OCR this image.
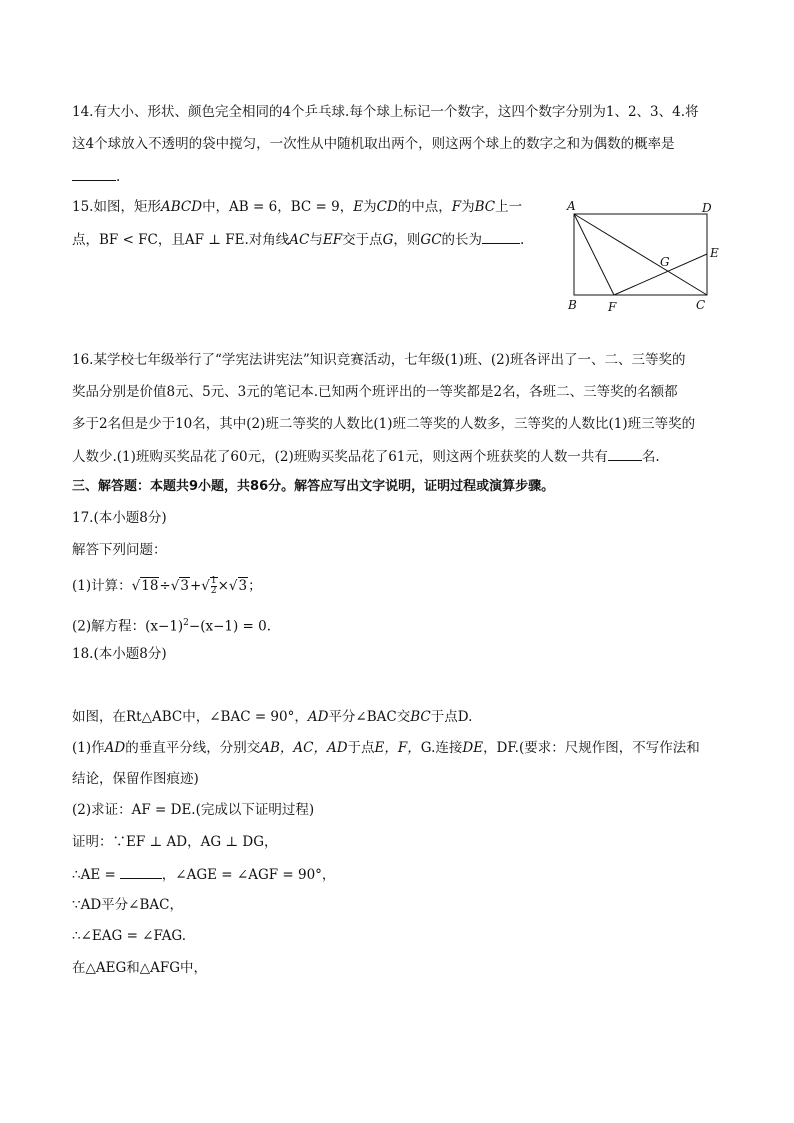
14.有大小、形状、颜色完全相同的4个乒乓球.每个球上标记一个数字，这四个数字分别为1、2、3、4.将
这4个球放入不透明的袋中搅匀，一次性从中随机取出两个，则这两个球上的数字之和为偶数的概率是
.
15.如图，矩形ABCD中，AB = 6，BC = 9，E为CD的中点，F为BC上一
点，BF < FC，且AF ⊥ FE.对角线AC与EF交于点G，则GC的长为	.
A	D
E
G
B	F	C
16.某学校七年级举行了“学宪法讲宪法”知识竞赛活动，七年级(1)班、(2)班各评出了一、二、三等奖的
奖品分别是价值8元、5元、3元的笔记本.已知两个班评出的一等奖都是2名，各班二、三等奖的名额都
多于2名但是少于10名，其中(2)班二等奖的人数比(1)班二等奖的人数多，三等奖的人数比(1)班三等奖的
人数少.(1)班购买奖品花了60元，(2)班购买奖品花了61元，则这两个班获奖的人数一共有	名.
三、解答题：本题共9小题，共86分。解答应写出文字说明，证明过程或演算步骤。
17.(本小题8分)
解答下列问题：
(1)计算：$√18\div√3+√ \frac{1}{2} \times√3$；
(2)解方程：$(x-1)^2-(x-1) = 0$.
18.(本小题8分)
如图，在Rt△ABC中，∠BAC = 90°，AD平分∠BAC交BC于点D.
(1)作AD的垂直平分线，分别交AB，AC，AD于点E，F，G.连接DE，DF.(要求：尺规作图，不写作法和
结论，保留作图痕迹)
(2)求证：AF = DE.(完成以下证明过程)
证明：∵EF ⊥ AD，AG ⊥ DG，
∴AE =	，∠AGE = ∠AGF = 90°，
∵AD平分∠BAC，
∴∠EAG = ∠FAG.
在△AEG和△AFG中，
